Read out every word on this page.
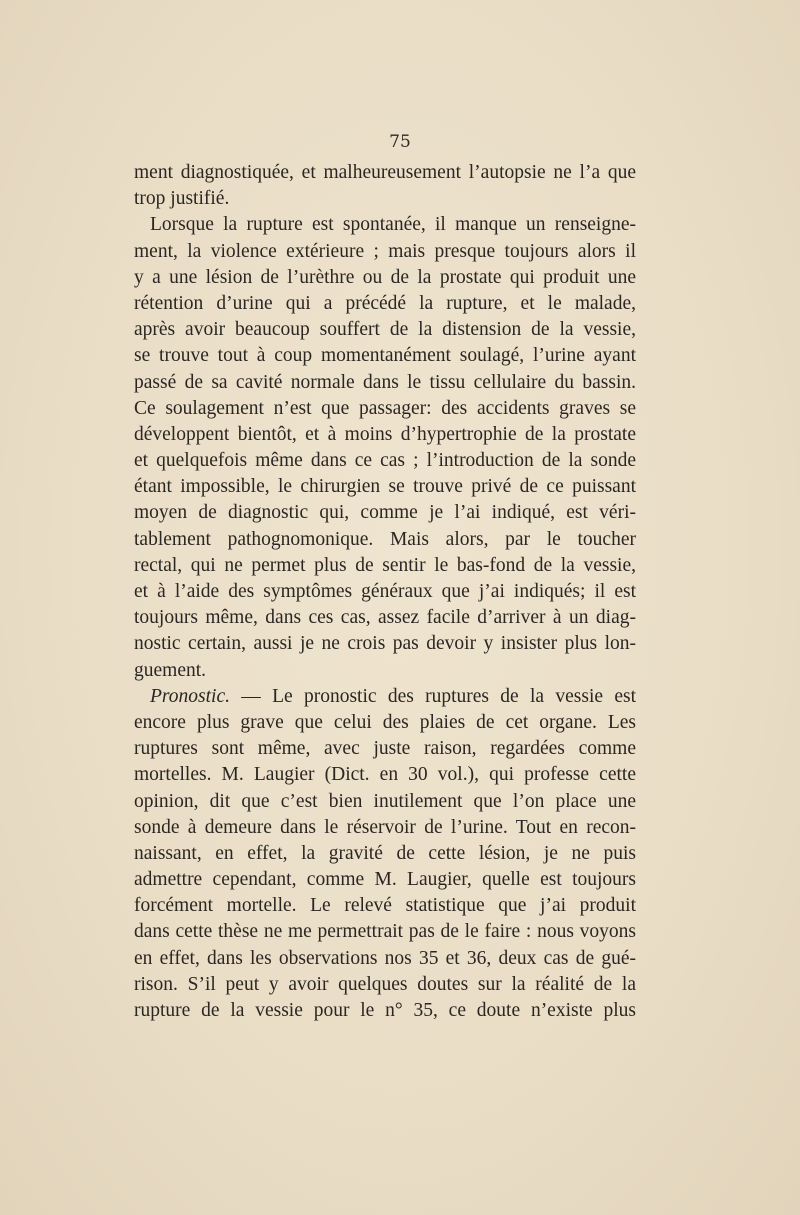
75
ment diagnostiquée, et malheureusement l’autopsie ne l’a que
trop justifié.
Lorsque la rupture est spontanée, il manque un renseigne-
ment, la violence extérieure ; mais presque toujours alors il
y a une lésion de l’urèthre ou de la prostate qui produit une
rétention d’urine qui a précédé la rupture, et le malade,
après avoir beaucoup souffert de la distension de la vessie,
se trouve tout à coup momentanément soulagé, l’urine ayant
passé de sa cavité normale dans le tissu cellulaire du bassin.
Ce soulagement n’est que passager: des accidents graves se
développent bientôt, et à moins d’hypertrophie de la prostate
et quelquefois même dans ce cas ; l’introduction de la sonde
étant impossible, le chirurgien se trouve privé de ce puissant
moyen de diagnostic qui, comme je l’ai indiqué, est véri-
tablement pathognomonique. Mais alors, par le toucher
rectal, qui ne permet plus de sentir le bas-fond de la vessie,
et à l’aide des symptômes généraux que j’ai indiqués; il est
toujours même, dans ces cas, assez facile d’arriver à un diag-
nostic certain, aussi je ne crois pas devoir y insister plus lon-
guement.
Pronostic. — Le pronostic des ruptures de la vessie est
encore plus grave que celui des plaies de cet organe. Les
ruptures sont même, avec juste raison, regardées comme
mortelles. M. Laugier (Dict. en 30 vol.), qui professe cette
opinion, dit que c’est bien inutilement que l’on place une
sonde à demeure dans le réservoir de l’urine. Tout en recon-
naissant, en effet, la gravité de cette lésion, je ne puis
admettre cependant, comme M. Laugier, quelle est toujours
forcément mortelle. Le relevé statistique que j’ai produit
dans cette thèse ne me permettrait pas de le faire : nous voyons
en effet, dans les observations nos 35 et 36, deux cas de gué-
rison. S’il peut y avoir quelques doutes sur la réalité de la
rupture de la vessie pour le n° 35, ce doute n’existe plus
